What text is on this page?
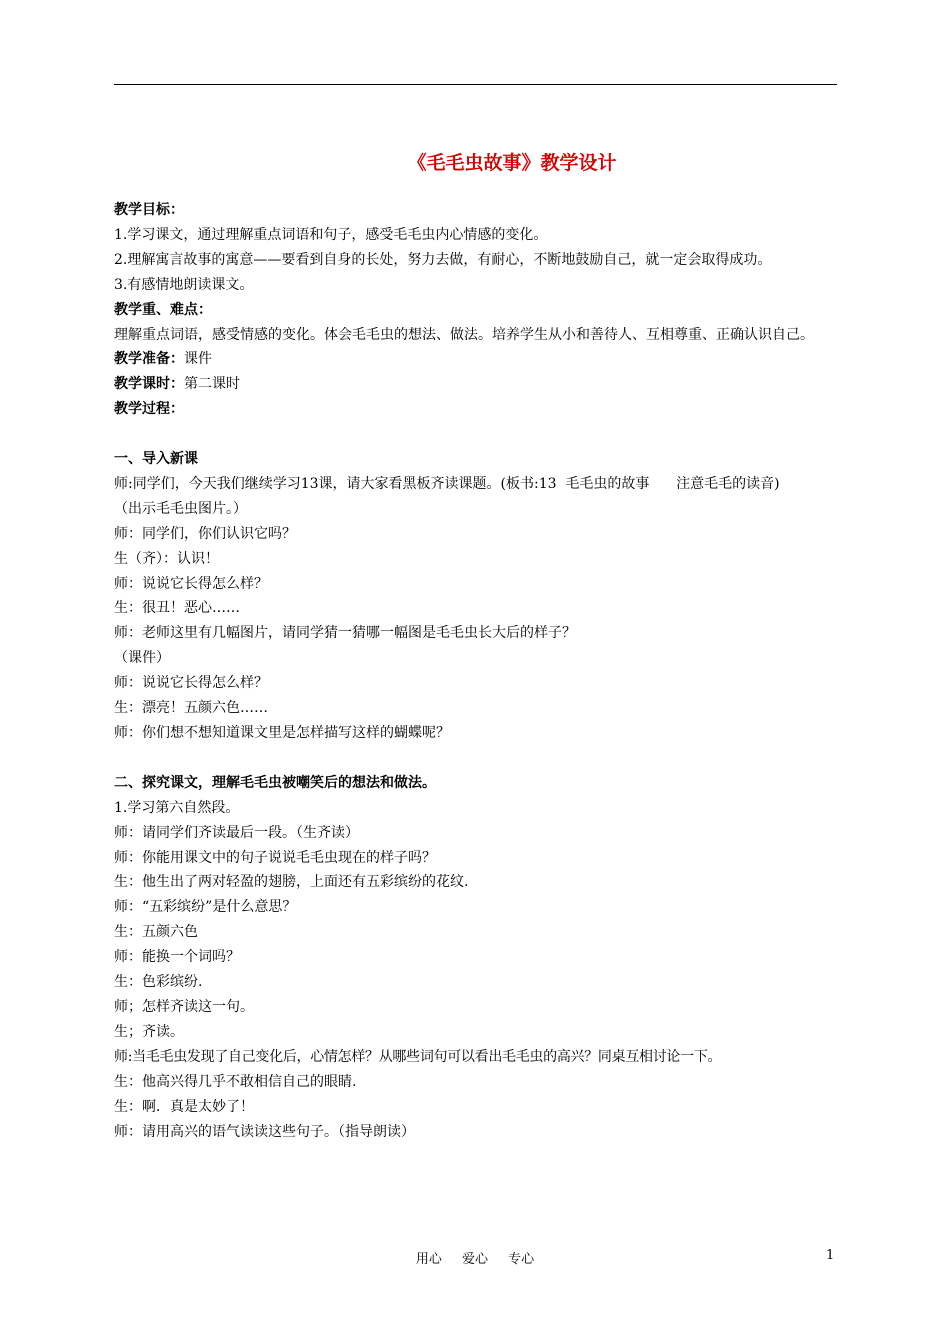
《毛毛虫故事》教学设计
教学目标：
1.学习课文，通过理解重点词语和句子，感受毛毛虫内心情感的变化。
2.理解寓言故事的寓意——要看到自身的长处，努力去做，有耐心，不断地鼓励自己，就一定会取得成功。
3.有感情地朗读课文。
教学重、难点：
理解重点词语，感受情感的变化。体会毛毛虫的想法、做法。培养学生从小和善待人、互相尊重、正确认识自己。
教学准备：课件
教学课时：第二课时
教学过程：
一、导入新课
师:同学们，今天我们继续学习13课，请大家看黑板齐读课题。(板书:13  毛毛虫的故事      注意毛毛的读音)
（出示毛毛虫图片。）
师：同学们，你们认识它吗？
生（齐）：认识！
师：说说它长得怎么样？
生：很丑！恶心……
师：老师这里有几幅图片，请同学猜一猜哪一幅图是毛毛虫长大后的样子？
（课件）
师：说说它长得怎么样？
生：漂亮！五颜六色……
师：你们想不想知道课文里是怎样描写这样的蝴蝶呢？
二、探究课文，理解毛毛虫被嘲笑后的想法和做法。
1.学习第六自然段。
师：请同学们齐读最后一段。（生齐读）
师：你能用课文中的句子说说毛毛虫现在的样子吗？
生：他生出了两对轻盈的翅膀，上面还有五彩缤纷的花纹.
师：“五彩缤纷”是什么意思？
生：五颜六色
师：能换一个词吗？
生：色彩缤纷.
师；怎样齐读这一句。
生；齐读。
师:当毛毛虫发现了自己变化后，心情怎样？从哪些词句可以看出毛毛虫的高兴？同桌互相讨论一下。
生：他高兴得几乎不敢相信自己的眼睛.
生：啊．真是太妙了！
师：请用高兴的语气读读这些句子。（指导朗读）
用心 爱心 专心	1
